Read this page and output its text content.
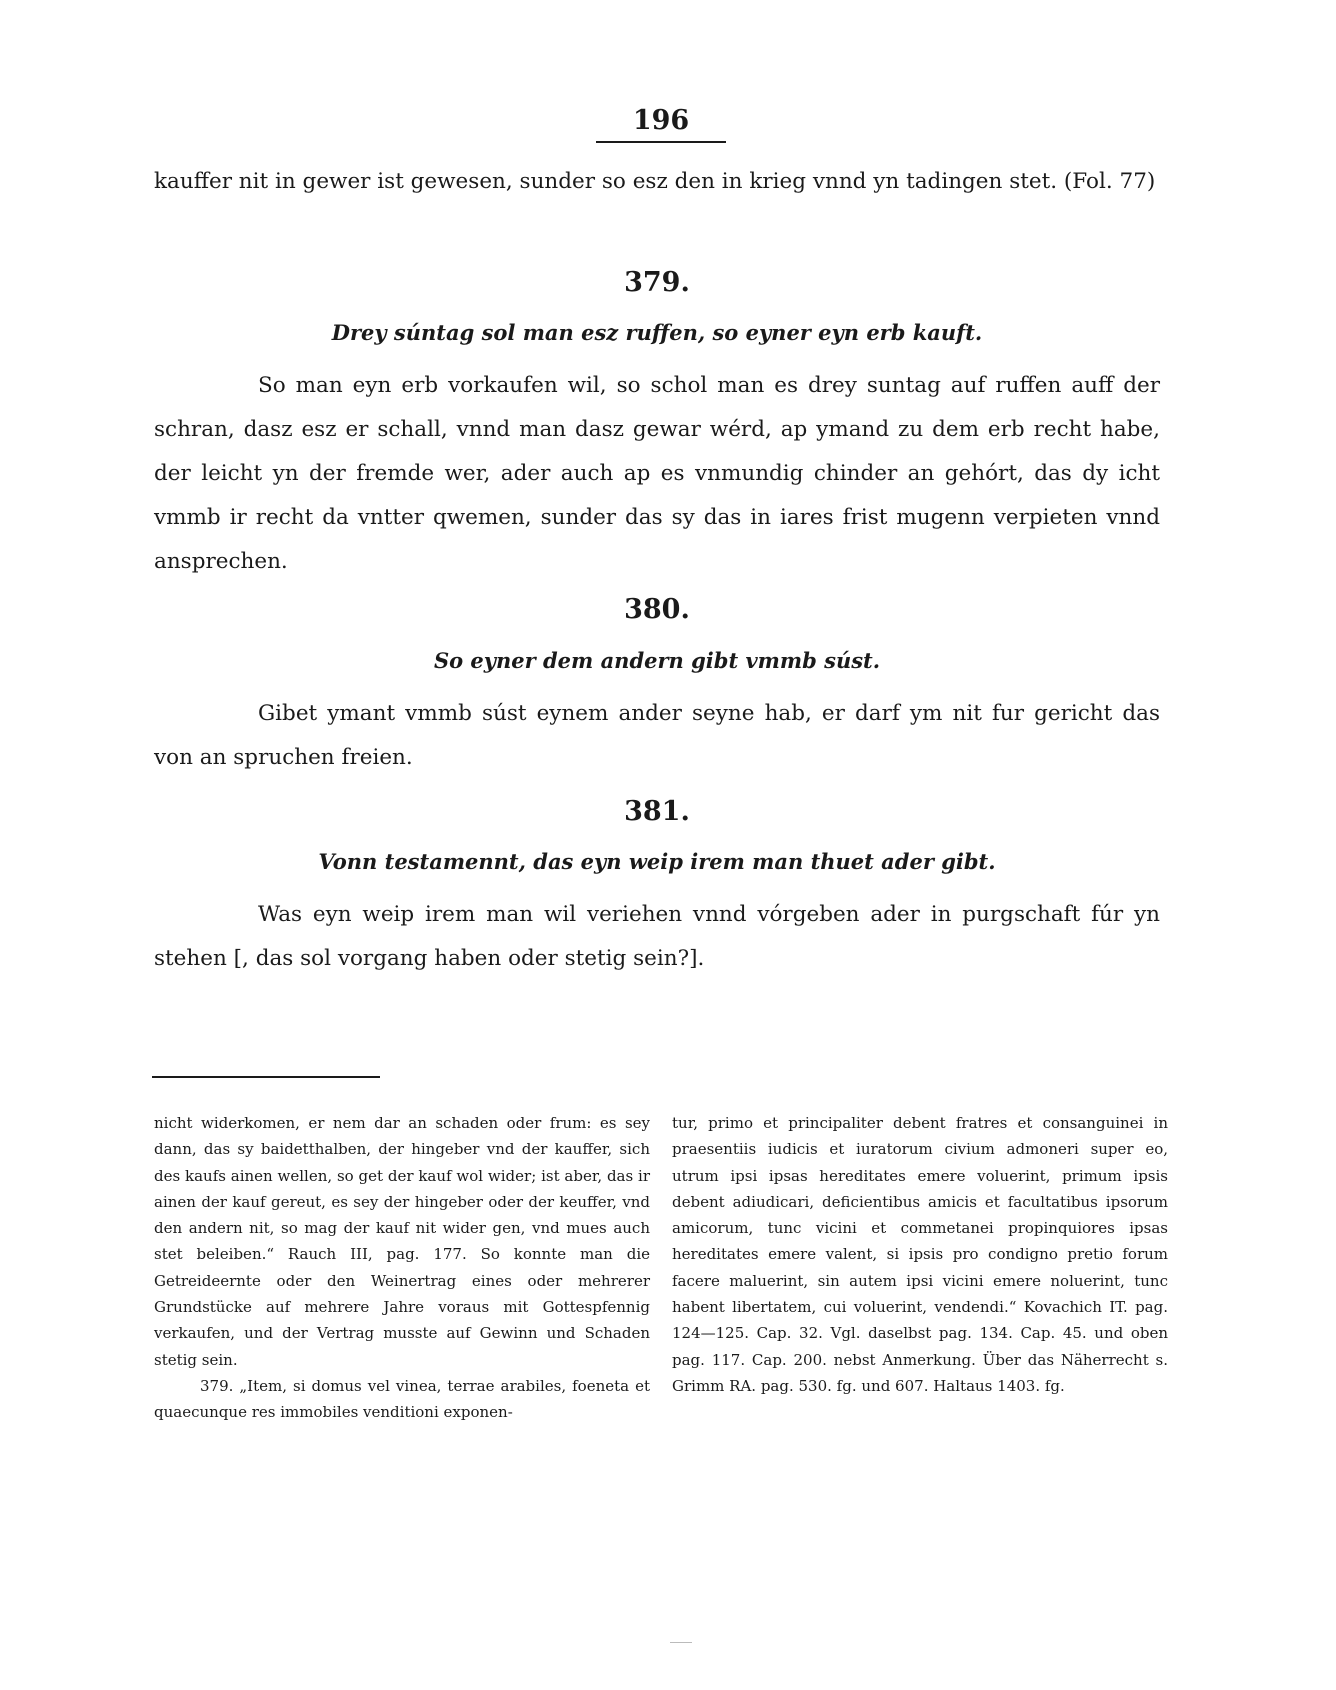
196

kauffer nit in gewer ist gewesen, sunder so esz den in krieg vnnd yn tadingen stet. (Fol. 77)

379.
Drey súntag sol man esz ruffen, so eyner eyn erb kauft.

So man eyn erb vorkaufen wil, so schol man es drey suntag auf ruffen auff der schran, dasz esz er schall, vnnd man dasz gewar wérd, ap ymand zu dem erb recht habe, der leicht yn der fremde wer, ader auch ap es vnmundig chinder an gehórt, das dy icht vmmb ir recht da vntter qwemen, sunder das sy das in iares frist mugenn verpieten vnnd ansprechen.

380.
So eyner dem andern gibt vmmb súst.

Gibet ymant vmmb súst eynem ander seyne hab, er darf ym nit fur gericht das von an spruchen freien.

381.
Vonn testamennt, das eyn weip irem man thuet ader gibt.

Was eyn weip irem man wil veriehen vnnd vórgeben ader in purgschaft fúr yn stehen [, das sol vorgang haben oder stetig sein?].

nicht widerkomen, er nem dar an schaden oder frum: es sey dann, das sy baidetthalben, der hingeber vnd der kauffer, sich des kaufs ainen wellen, so get der kauf wol wider; ist aber, das ir ainen der kauf gereut, es sey der hingeber oder der keuffer, vnd den andern nit, so mag der kauf nit wider gen, vnd mues auch stet beleiben.“ Rauch III, pag. 177. So konnte man die Getreideernte oder den Weinertrag eines oder mehrerer Grundstücke auf mehrere Jahre voraus mit Gottespfennig verkaufen, und der Vertrag musste auf Gewinn und Schaden stetig sein.

379. „Item, si domus vel vinea, terrae arabiles, foeneta et quaecunque res immobiles venditioni exponen-

tur, primo et principaliter debent fratres et consanguinei in praesentiis iudicis et iuratorum civium admoneri super eo, utrum ipsi ipsas hereditates emere voluerint, primum ipsis debent adiudicari, deficientibus amicis et facultatibus ipsorum amicorum, tunc vicini et commetanei propinquiores ipsas hereditates emere valent, si ipsis pro condigno pretio forum facere maluerint, sin autem ipsi vicini emere noluerint, tunc habent libertatem, cui voluerint, vendendi.“ Kovachich IT. pag. 124—125. Cap. 32. Vgl. daselbst pag. 134. Cap. 45. und oben pag. 117. Cap. 200. nebst Anmerkung. Über das Näherrecht s. Grimm RA. pag. 530. fg. und 607. Haltaus 1403. fg.
